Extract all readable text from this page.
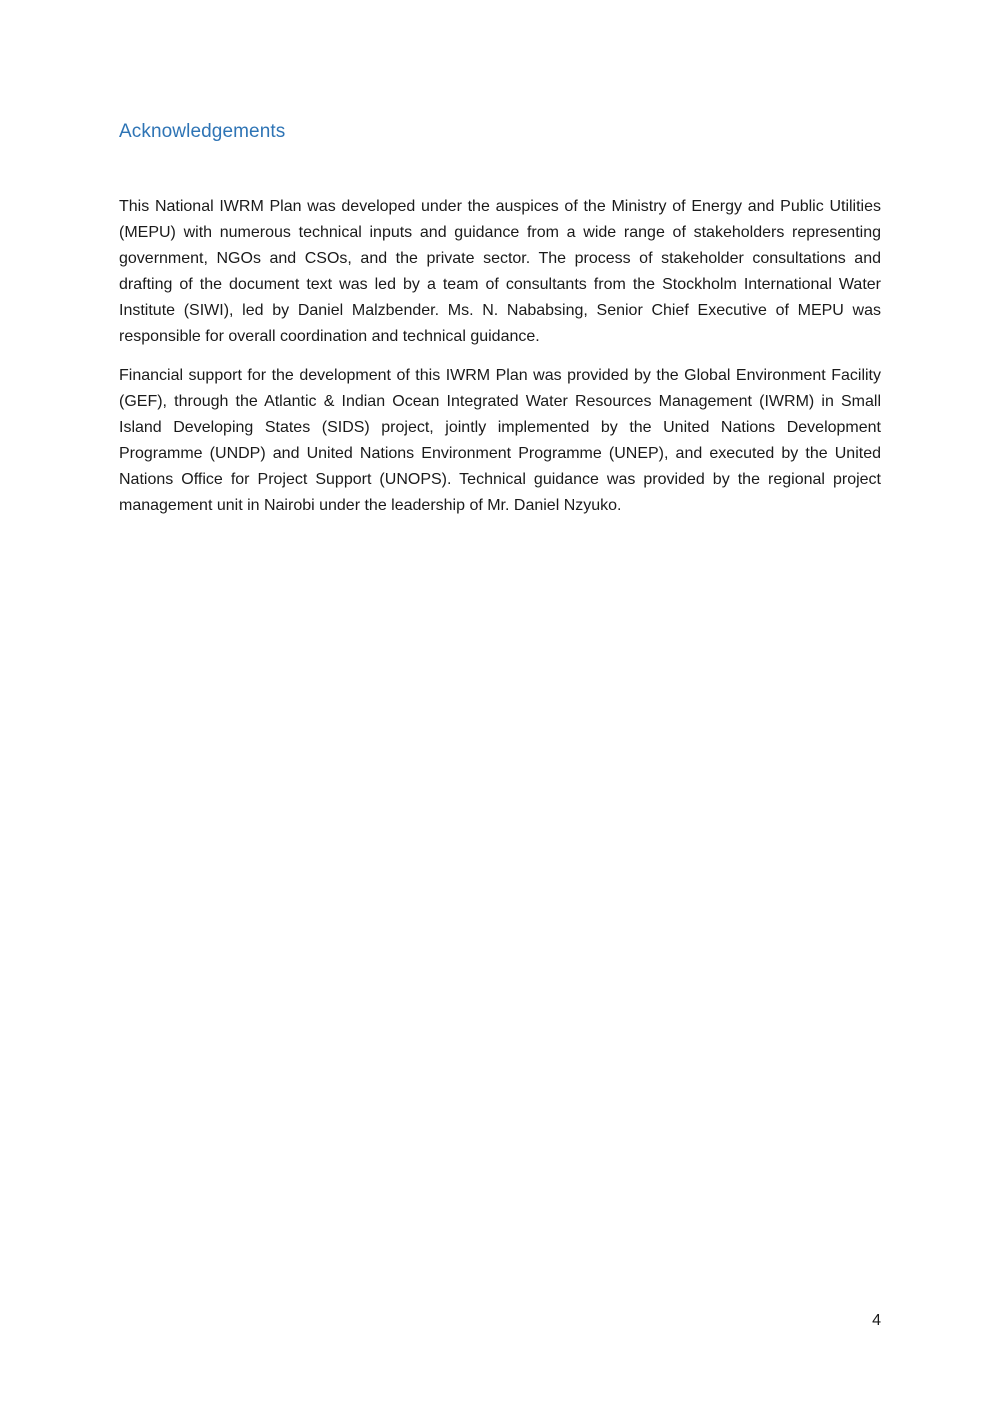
Acknowledgements

This National IWRM Plan was developed under the auspices of the Ministry of Energy and Public Utilities (MEPU) with numerous technical inputs and guidance from a wide range of stakeholders representing government, NGOs and CSOs, and the private sector. The process of stakeholder consultations and drafting of the document text was led by a team of consultants from the Stockholm International Water Institute (SIWI), led by Daniel Malzbender. Ms. N. Nababsing, Senior Chief Executive of MEPU was responsible for overall coordination and technical guidance.

Financial support for the development of this IWRM Plan was provided by the Global Environment Facility (GEF), through the Atlantic & Indian Ocean Integrated Water Resources Management (IWRM) in Small Island Developing States (SIDS) project, jointly implemented by the United Nations Development Programme (UNDP) and United Nations Environment Programme (UNEP), and executed by the United Nations Office for Project Support (UNOPS). Technical guidance was provided by the regional project management unit in Nairobi under the leadership of Mr. Daniel Nzyuko.

4
